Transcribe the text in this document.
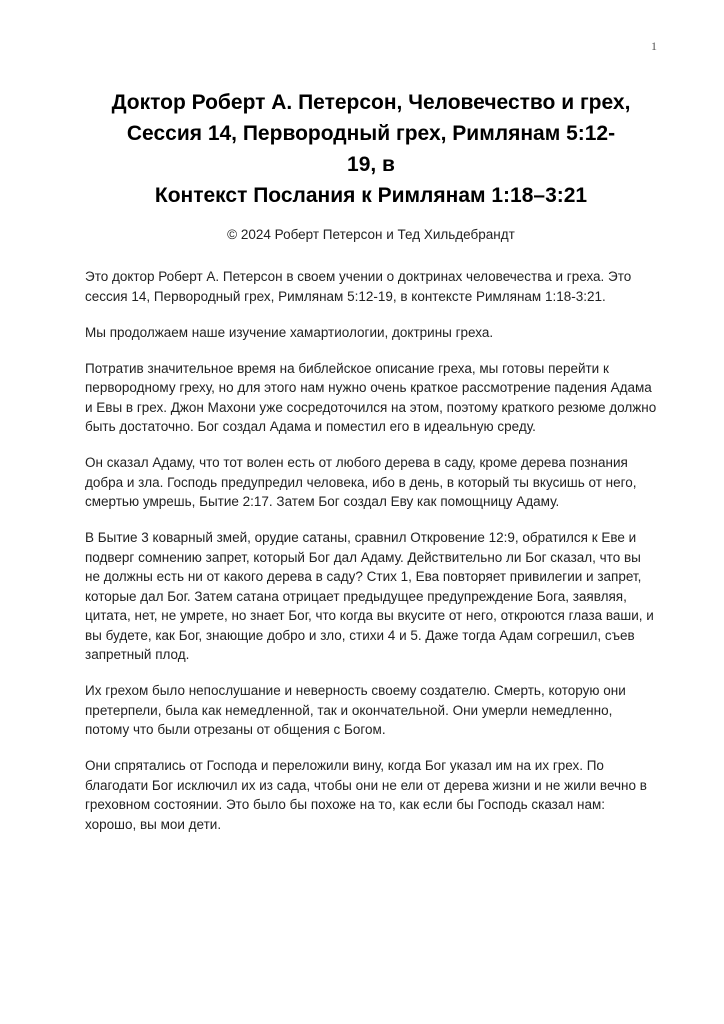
1
Доктор Роберт А. Петерсон, Человечество и грех,
Сессия 14, Первородный грех, Римлянам 5:12-
19, в
Контекст Послания к Римлянам 1:18–3:21
© 2024 Роберт Петерсон и Тед Хильдебрандт

Это доктор Роберт А. Петерсон в своем учении о доктринах человечества и греха. Это сессия 14, Первородный грех, Римлянам 5:12-19, в контексте Римлянам 1:18-3:21.

Мы продолжаем наше изучение хамартиологии, доктрины греха.

Потратив значительное время на библейское описание греха, мы готовы перейти к первородному греху, но для этого нам нужно очень краткое рассмотрение падения Адама и Евы в грех. Джон Махони уже сосредоточился на этом, поэтому краткого резюме должно быть достаточно. Бог создал Адама и поместил его в идеальную среду.

Он сказал Адаму, что тот волен есть от любого дерева в саду, кроме дерева познания добра и зла. Господь предупредил человека, ибо в день, в который ты вкусишь от него, смертью умрешь, Бытие 2:17. Затем Бог создал Еву как помощницу Адаму.

В Бытие 3 коварный змей, орудие сатаны, сравнил Откровение 12:9, обратился к Еве и подверг сомнению запрет, который Бог дал Адаму. Действительно ли Бог сказал, что вы не должны есть ни от какого дерева в саду? Стих 1, Ева повторяет привилегии и запрет, которые дал Бог. Затем сатана отрицает предыдущее предупреждение Бога, заявляя, цитата, нет, не умрете, но знает Бог, что когда вы вкусите от него, откроются глаза ваши, и вы будете, как Бог, знающие добро и зло, стихи 4 и 5. Даже тогда Адам согрешил, съев запретный плод.

Их грехом было непослушание и неверность своему создателю. Смерть, которую они претерпели, была как немедленной, так и окончательной. Они умерли немедленно, потому что были отрезаны от общения с Богом.

Они спрятались от Господа и переложили вину, когда Бог указал им на их грех. По благодати Бог исключил их из сада, чтобы они не ели от дерева жизни и не жили вечно в греховном состоянии. Это было бы похоже на то, как если бы Господь сказал нам: хорошо, вы мои дети.
